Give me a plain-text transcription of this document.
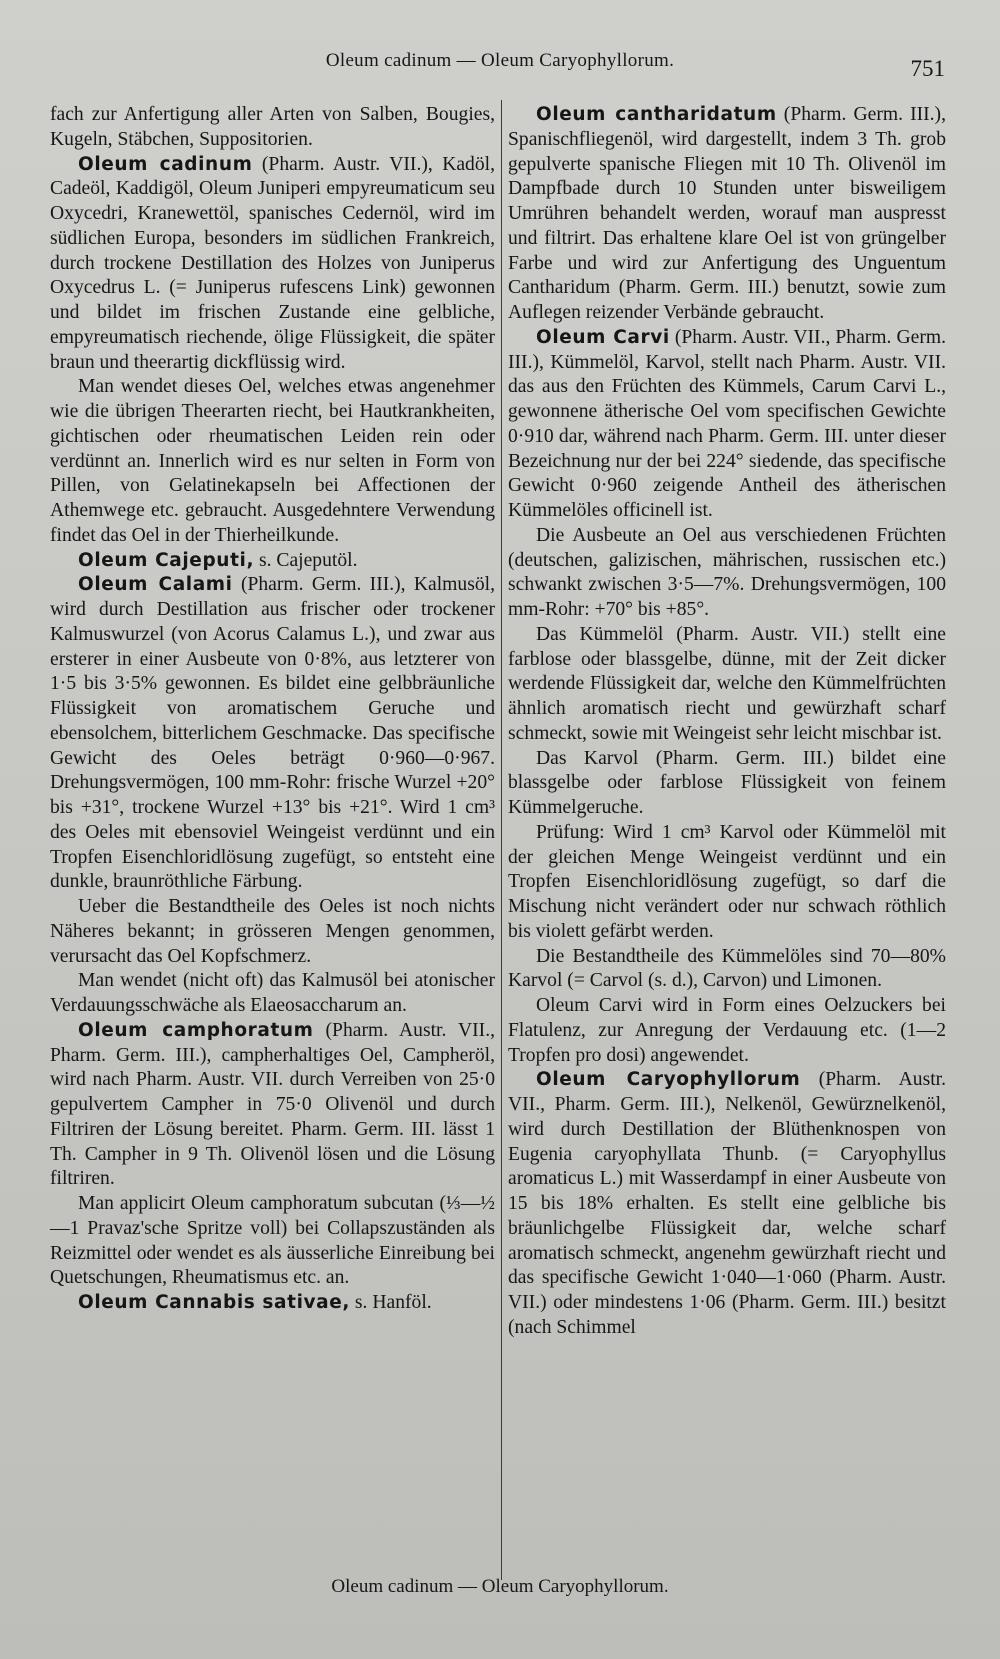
Oleum cadinum — Oleum Caryophyllorum.	751

fach zur Anfertigung aller Arten von Salben, Bougies, Kugeln, Stäbchen, Suppositorien.

Oleum cadinum (Pharm. Austr. VII.), Kadöl, Cadeöl, Kaddigöl, Oleum Juniperi empyreumaticum seu Oxycedri, Kranewettöl, spanisches Cedernöl, wird im südlichen Europa, besonders im südlichen Frankreich, durch trockene Destillation des Holzes von Juniperus Oxycedrus L. (= Juniperus rufescens Link) gewonnen und bildet im frischen Zustande eine gelbliche, empyreumatisch riechende, ölige Flüssigkeit, die später braun und theerartig dickflüssig wird.

Man wendet dieses Oel, welches etwas angenehmer wie die übrigen Theerarten riecht, bei Hautkrankheiten, gichtischen oder rheumatischen Leiden rein oder verdünnt an. Innerlich wird es nur selten in Form von Pillen, von Gelatinekapseln bei Affectionen der Athemwege etc. gebraucht. Ausgedehntere Verwendung findet das Oel in der Thierheilkunde.

Oleum Cajeputi, s. Cajeputöl.

Oleum Calami (Pharm. Germ. III.), Kalmusöl, wird durch Destillation aus frischer oder trockener Kalmuswurzel (von Acorus Calamus L.), und zwar aus ersterer in einer Ausbeute von 0·8%, aus letzterer von 1·5 bis 3·5% gewonnen. Es bildet eine gelbbräunliche Flüssigkeit von aromatischem Geruche und ebensolchem, bitterlichem Geschmacke. Das specifische Gewicht des Oeles beträgt 0·960—0·967. Drehungsvermögen, 100 mm-Rohr: frische Wurzel +20° bis +31°, trockene Wurzel +13° bis +21°. Wird 1 cm³ des Oeles mit ebensoviel Weingeist verdünnt und ein Tropfen Eisenchloridlösung zugefügt, so entsteht eine dunkle, braunröthliche Färbung.

Ueber die Bestandtheile des Oeles ist noch nichts Näheres bekannt; in grösseren Mengen genommen, verursacht das Oel Kopfschmerz.

Man wendet (nicht oft) das Kalmusöl bei atonischer Verdauungsschwäche als Elaeosaccharum an.

Oleum camphoratum (Pharm. Austr. VII., Pharm. Germ. III.), campherhaltiges Oel, Campheröl, wird nach Pharm. Austr. VII. durch Verreiben von 25·0 gepulvertem Campher in 75·0 Olivenöl und durch Filtriren der Lösung bereitet. Pharm. Germ. III. lässt 1 Th. Campher in 9 Th. Olivenöl lösen und die Lösung filtriren.

Man applicirt Oleum camphoratum subcutan (⅓—½—1 Pravaz'sche Spritze voll) bei Collapszuständen als Reizmittel oder wendet es als äusserliche Einreibung bei Quetschungen, Rheumatismus etc. an.

Oleum Cannabis sativae, s. Hanföl.

Oleum cantharidatum (Pharm. Germ. III.), Spanischfliegenöl, wird dargestellt, indem 3 Th. grob gepulverte spanische Fliegen mit 10 Th. Olivenöl im Dampfbade durch 10 Stunden unter bisweiligem Umrühren behandelt werden, worauf man auspresst und filtrirt. Das erhaltene klare Oel ist von grüngelber Farbe und wird zur Anfertigung des Unguentum Cantharidum (Pharm. Germ. III.) benutzt, sowie zum Auflegen reizender Verbände gebraucht.

Oleum Carvi (Pharm. Austr. VII., Pharm. Germ. III.), Kümmelöl, Karvol, stellt nach Pharm. Austr. VII. das aus den Früchten des Kümmels, Carum Carvi L., gewonnene ätherische Oel vom specifischen Gewichte 0·910 dar, während nach Pharm. Germ. III. unter dieser Bezeichnung nur der bei 224° siedende, das specifische Gewicht 0·960 zeigende Antheil des ätherischen Kümmelöles officinell ist.

Die Ausbeute an Oel aus verschiedenen Früchten (deutschen, galizischen, mährischen, russischen etc.) schwankt zwischen 3·5—7%. Drehungsvermögen, 100 mm-Rohr: +70° bis +85°.

Das Kümmelöl (Pharm. Austr. VII.) stellt eine farblose oder blassgelbe, dünne, mit der Zeit dicker werdende Flüssigkeit dar, welche den Kümmelfrüchten ähnlich aromatisch riecht und gewürzhaft scharf schmeckt, sowie mit Weingeist sehr leicht mischbar ist.

Das Karvol (Pharm. Germ. III.) bildet eine blassgelbe oder farblose Flüssigkeit von feinem Kümmelgeruche.

Prüfung: Wird 1 cm³ Karvol oder Kümmelöl mit der gleichen Menge Weingeist verdünnt und ein Tropfen Eisenchloridlösung zugefügt, so darf die Mischung nicht verändert oder nur schwach röthlich bis violett gefärbt werden.

Die Bestandtheile des Kümmelöles sind 70—80% Karvol (= Carvol (s. d.), Carvon) und Limonen.

Oleum Carvi wird in Form eines Oelzuckers bei Flatulenz, zur Anregung der Verdauung etc. (1—2 Tropfen pro dosi) angewendet.

Oleum Caryophyllorum (Pharm. Austr. VII., Pharm. Germ. III.), Nelkenöl, Gewürznelkenöl, wird durch Destillation der Blüthenknospen von Eugenia caryophyllata Thunb. (= Caryophyllus aromaticus L.) mit Wasserdampf in einer Ausbeute von 15 bis 18% erhalten. Es stellt eine gelbliche bis bräunlichgelbe Flüssigkeit dar, welche scharf aromatisch schmeckt, angenehm gewürzhaft riecht und das specifische Gewicht 1·040—1·060 (Pharm. Austr. VII.) oder mindestens 1·06 (Pharm. Germ. III.) besitzt (nach Schimmel

Oleum cadinum — Oleum Caryophyllorum.
